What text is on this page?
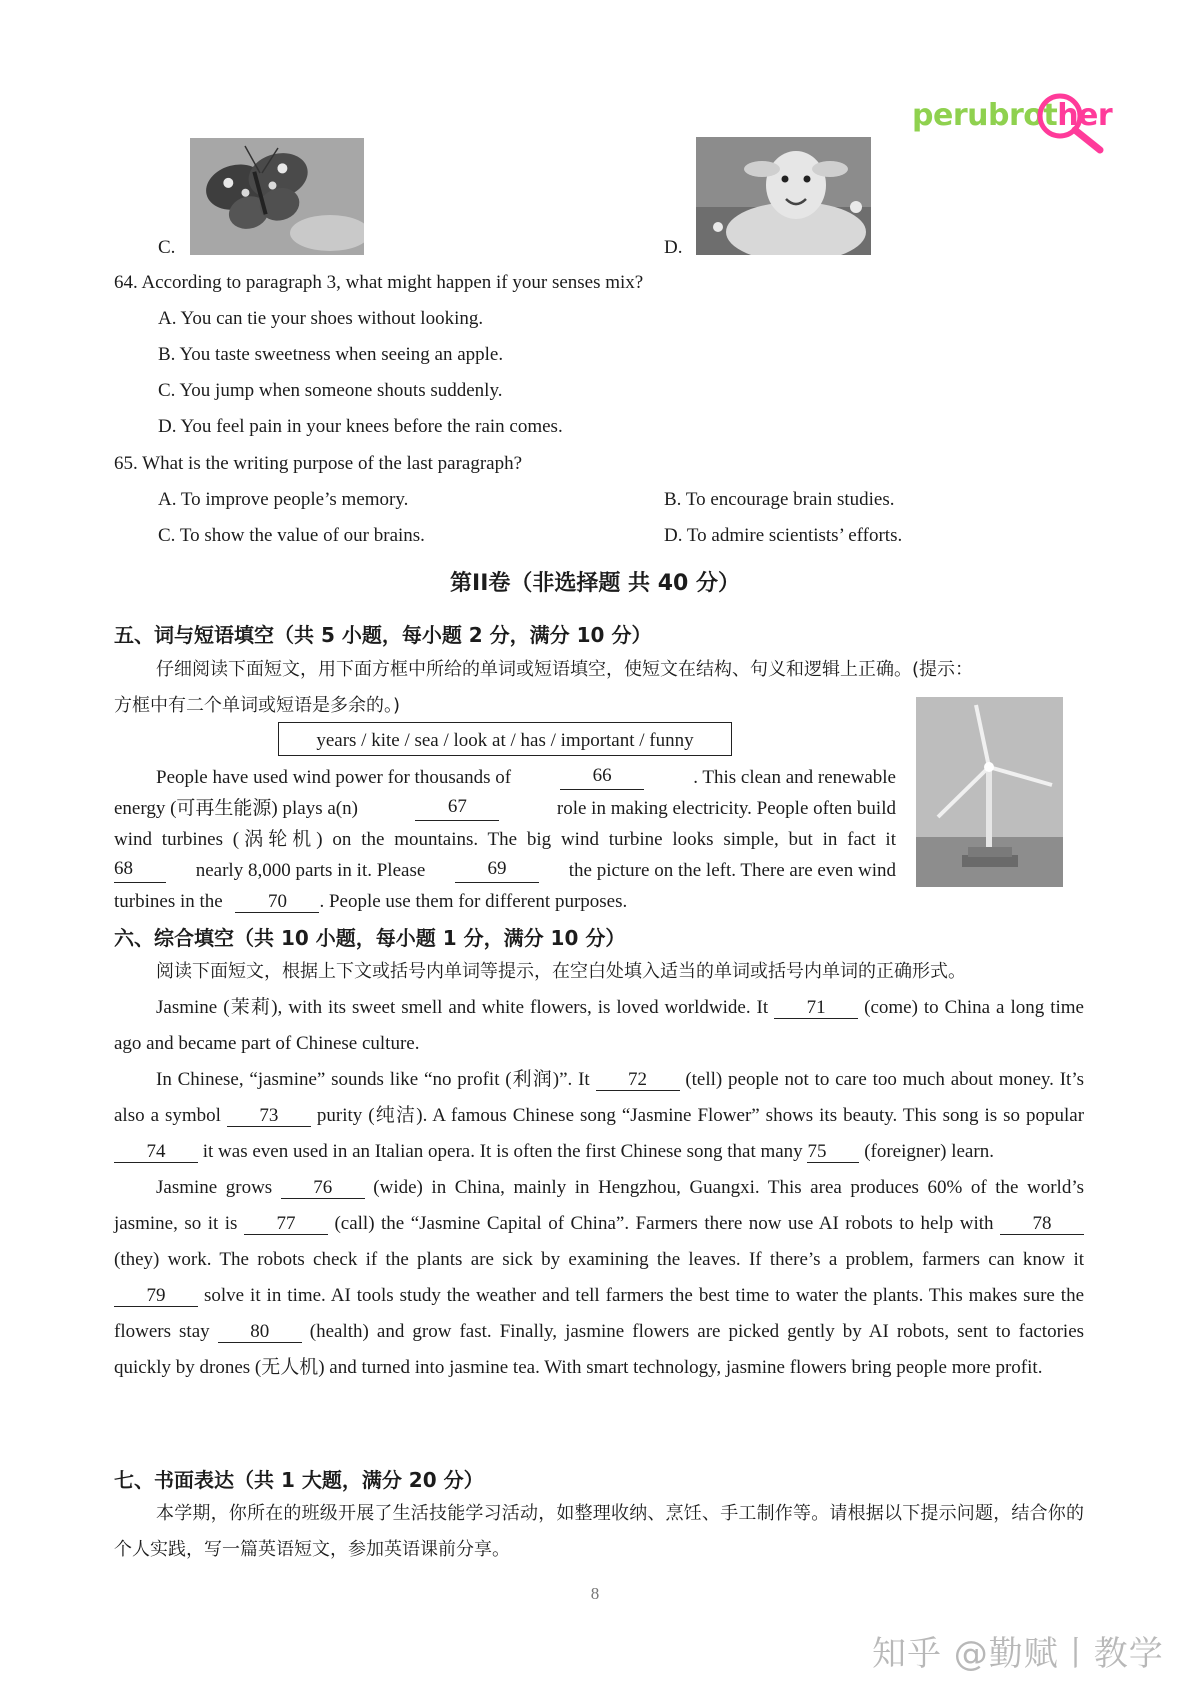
perubrother
C.	D.
64. According to paragraph 3, what might happen if your senses mix?
A. You can tie your shoes without looking.
B. You taste sweetness when seeing an apple.
C. You jump when someone shouts suddenly.
D. You feel pain in your knees before the rain comes.
65. What is the writing purpose of the last paragraph?
A. To improve people’s memory.	B. To encourage brain studies.
C. To show the value of our brains.	D. To admire scientists’ efforts.
第II卷（非选择题 共 40 分）
五、词与短语填空（共 5 小题，每小题 2 分，满分 10 分）
仔细阅读下面短文，用下面方框中所给的单词或短语填空，使短文在结构、句义和逻辑上正确。(提示：
方框中有二个单词或短语是多余的。)
years / kite / sea / look at / has / important / funny
People have used wind power for thousands of	66	. This clean and renewable
energy (可再生能源) plays a(n)	67	role in making electricity. People often build
wind turbines (涡轮机) on the mountains. The big wind turbine looks simple, but in fact it
68	nearly 8,000 parts in it. Please	69	the picture on the left. There are even wind
turbines in the 70 . People use them for different purposes.
六、综合填空（共 10 小题，每小题 1 分，满分 10 分）
阅读下面短文，根据上下文或括号内单词等提示，在空白处填入适当的单词或括号内单词的正确形式。

Jasmine (茉莉), with its sweet smell and white flowers, is loved worldwide. It 71 (come) to China a long time ago and became part of Chinese culture.

In Chinese, “jasmine” sounds like “no profit (利润)”. It 72 (tell) people not to care too much about money. It’s also a symbol 73 purity (纯洁). A famous Chinese song “Jasmine Flower” shows its beauty. This song is so popular 74 it was even used in an Italian opera. It is often the first Chinese song that many 75 (foreigner) learn.

Jasmine grows 76 (wide) in China, mainly in Hengzhou, Guangxi. This area produces 60% of the world’s jasmine, so it is 77 (call) the “Jasmine Capital of China”. Farmers there now use AI robots to help with 78 (they) work. The robots check if the plants are sick by examining the leaves. If there’s a problem, farmers can know it 79 solve it in time. AI tools study the weather and tell farmers the best time to water the plants. This makes sure the flowers stay 80 (health) and grow fast. Finally, jasmine flowers are picked gently by AI robots, sent to factories quickly by drones (无人机) and turned into jasmine tea. With smart technology, jasmine flowers bring people more profit.

七、书面表达（共 1 大题，满分 20 分）
本学期，你所在的班级开展了生活技能学习活动，如整理收纳、烹饪、手工制作等。请根据以下提示问题，结合你的个人实践，写一篇英语短文，参加英语课前分享。
8
知乎 @勤赋丨教学
